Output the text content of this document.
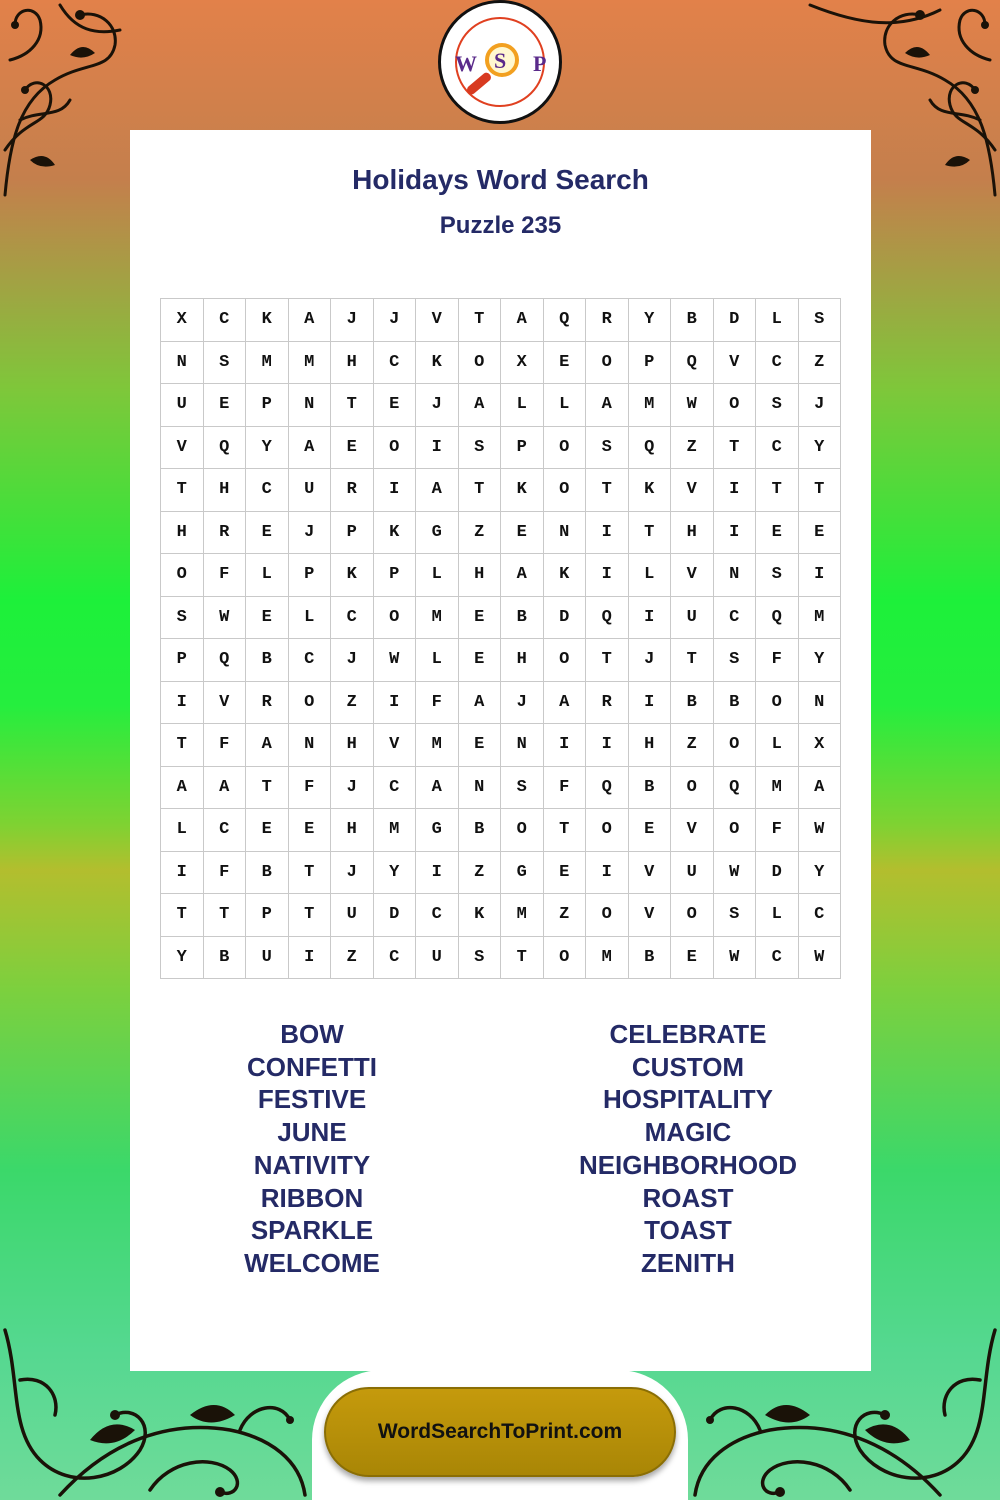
W S P
Holidays Word Search
Puzzle 235
X	C	K	A	J	J	V	T	A	Q	R	Y	B	D	L	S
N	S	M	M	H	C	K	O	X	E	O	P	Q	V	C	Z
U	E	P	N	T	E	J	A	L	L	A	M	W	O	S	J
V	Q	Y	A	E	O	I	S	P	O	S	Q	Z	T	C	Y
T	H	C	U	R	I	A	T	K	O	T	K	V	I	T	T
H	R	E	J	P	K	G	Z	E	N	I	T	H	I	E	E
O	F	L	P	K	P	L	H	A	K	I	L	V	N	S	I
S	W	E	L	C	O	M	E	B	D	Q	I	U	C	Q	M
P	Q	B	C	J	W	L	E	H	O	T	J	T	S	F	Y
I	V	R	O	Z	I	F	A	J	A	R	I	B	B	O	N
T	F	A	N	H	V	M	E	N	I	I	H	Z	O	L	X
A	A	T	F	J	C	A	N	S	F	Q	B	O	Q	M	A
L	C	E	E	H	M	G	B	O	T	O	E	V	O	F	W
I	F	B	T	J	Y	I	Z	G	E	I	V	U	W	D	Y
T	T	P	T	U	D	C	K	M	Z	O	V	O	S	L	C
Y	B	U	I	Z	C	U	S	T	O	M	B	E	W	C	W
BOW
CONFETTI
FESTIVE
JUNE
NATIVITY
RIBBON
SPARKLE
WELCOME
CELEBRATE
CUSTOM
HOSPITALITY
MAGIC
NEIGHBORHOOD
ROAST
TOAST
ZENITH
WordSearchToPrint.com
